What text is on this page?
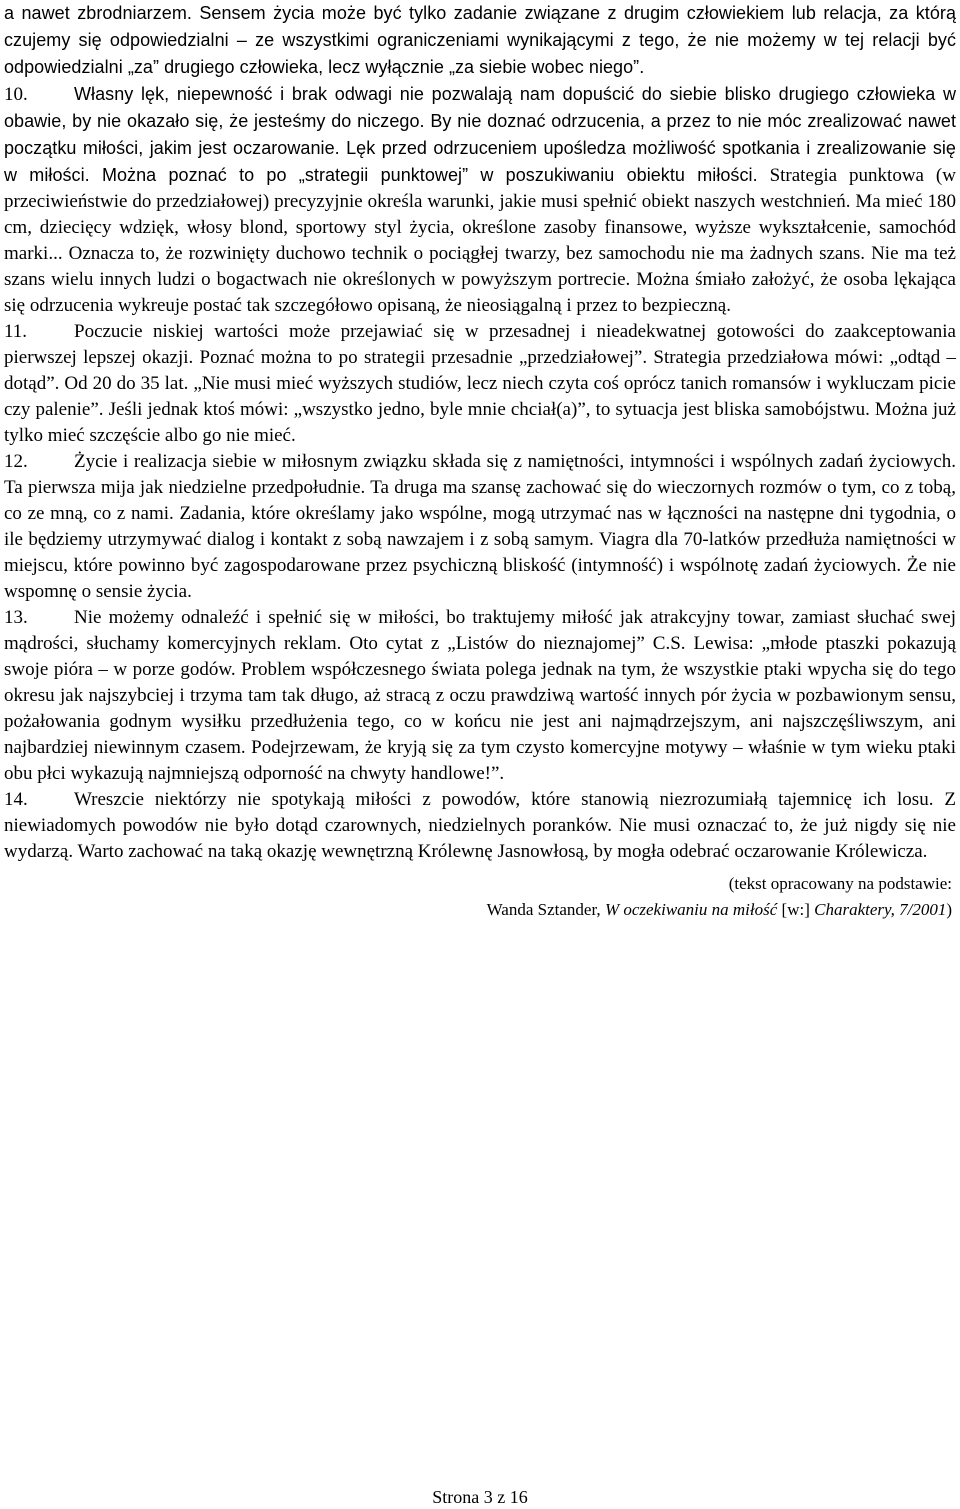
a nawet zbrodniarzem. Sensem życia może być tylko zadanie związane z drugim człowiekiem lub relacja, za którą czujemy się odpowiedzialni – ze wszystkimi ograniczeniami wynikającymi z tego, że nie możemy w tej relacji być odpowiedzialni „za” drugiego człowieka, lecz wyłącznie „za siebie wobec niego”.

10.	Własny lęk, niepewność i brak odwagi nie pozwalają nam dopuścić do siebie blisko drugiego człowieka w obawie, by nie okazało się, że jesteśmy do niczego. By nie doznać odrzucenia, a przez to nie móc zrealizować nawet początku miłości, jakim jest oczarowanie. Lęk przed odrzuceniem upośledza możliwość spotkania i zrealizowanie się w miłości. Można poznać to po „strategii punktowej” w poszukiwaniu obiektu miłości. Strategia punktowa (w przeciwieństwie do przedziałowej) precyzyjnie określa warunki, jakie musi spełnić obiekt naszych westchnień. Ma mieć 180 cm, dziecięcy wdzięk, włosy blond, sportowy styl życia, określone zasoby finansowe, wyższe wykształcenie, samochód marki... Oznacza to, że rozwinięty duchowo technik o pociągłej twarzy, bez samochodu nie ma żadnych szans. Nie ma też szans wielu innych ludzi o bogactwach nie określonych w powyższym portrecie. Można śmiało założyć, że osoba lękająca się odrzucenia wykreuje postać tak szczegółowo opisaną, że nieosiągalną i przez to bezpieczną.

11. Poczucie niskiej wartości może przejawiać się w przesadnej i nieadekwatnej gotowości do zaakceptowania pierwszej lepszej okazji. Poznać można to po strategii przesadnie „przedziałowej”. Strategia przedziałowa mówi: „odtąd – dotąd”. Od 20 do 35 lat. „Nie musi mieć wyższych studiów, lecz niech czyta coś oprócz tanich romansów i wykluczam picie czy palenie”. Jeśli jednak ktoś mówi: „wszystko jedno, byle mnie chciał(a)”, to sytuacja jest bliska samobójstwu. Można już tylko mieć szczęście albo go nie mieć.

12. Życie i realizacja siebie w miłosnym związku składa się z namiętności, intymności i wspólnych zadań życiowych. Ta pierwsza mija jak niedzielne przedpołudnie. Ta druga ma szansę zachować się do wieczornych rozmów o tym, co z tobą, co ze mną, co z nami. Zadania, które określamy jako wspólne, mogą utrzymać nas w łączności na następne dni tygodnia, o ile będziemy utrzymywać dialog i kontakt z sobą nawzajem i z sobą samym. Viagra dla 70-latków przedłuża namiętności w miejscu, które powinno być zagospodarowane przez psychiczną bliskość (intymność) i wspólnotę zadań życiowych. Że nie wspomnę o sensie życia.

13. Nie możemy odnaleźć i spełnić się w miłości, bo traktujemy miłość jak atrakcyjny towar, zamiast słuchać swej mądrości, słuchamy komercyjnych reklam. Oto cytat z „Listów do nieznajomej” C.S. Lewisa: „młode ptaszki pokazują swoje pióra – w porze godów. Problem współczesnego świata polega jednak na tym, że wszystkie ptaki wpycha się do tego okresu jak najszybciej i trzyma tam tak długo, aż stracą z oczu prawdziwą wartość innych pór życia w pozbawionym sensu, pożałowania godnym wysiłku przedłużenia tego, co w końcu nie jest ani najmądrzejszym, ani najszczęśliwszym, ani najbardziej niewinnym czasem. Podejrzewam, że kryją się za tym czysto komercyjne motywy – właśnie w tym wieku ptaki obu płci wykazują najmniejszą odporność na chwyty handlowe!”.

14. Wreszcie niektórzy nie spotykają miłości z powodów, które stanowią niezrozumiałą tajemnicę ich losu. Z niewiadomych powodów nie było dotąd czarownych, niedzielnych poranków. Nie musi oznaczać to, że już nigdy się nie wydarzą. Warto zachować na taką okazję wewnętrzną Królewnę Jasnowłosą, by mogła odebrać oczarowanie Królewicza.

(tekst opracowany na podstawie:
Wanda Sztander, W oczekiwaniu na miłość [w:] Charaktery, 7/2001)
Strona 3 z 16
